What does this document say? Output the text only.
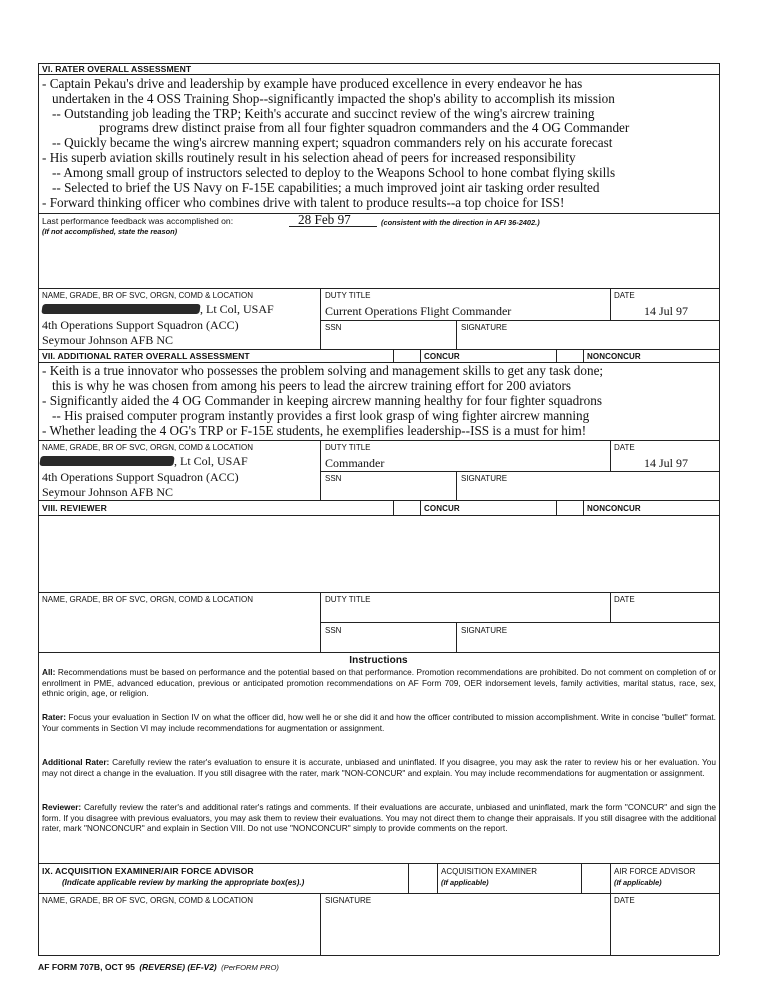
VI. RATER OVERALL ASSESSMENT
- Captain Pekau's drive and leadership by example have produced excellence in every endeavor he has
undertaken in the 4 OSS Training Shop--significantly impacted the shop's ability to accomplish its mission
-- Outstanding job leading the TRP; Keith's accurate and succinct review of the wing's aircrew training
programs drew distinct praise from all four fighter squadron commanders and the 4 OG Commander
-- Quickly became the wing's aircrew manning expert; squadron commanders rely on his accurate forecast
- His superb aviation skills routinely result in his selection ahead of peers for increased responsibility
-- Among small group of instructors selected to deploy to the Weapons School to hone combat flying skills
-- Selected to brief the US Navy on F-15E capabilities; a much improved joint air tasking order resulted
- Forward thinking officer who combines drive with talent to produce results--a top choice for ISS!
Last performance feedback was accomplished on:	28 Feb 97	(consistent with the direction in AFI 36-2402.)
(If not accomplished, state the reason)
NAME, GRADE, BR OF SVC, ORGN, COMD & LOCATION
, Lt Col, USAF
4th Operations Support Squadron (ACC)
Seymour Johnson AFB NC
DUTY TITLE
Current Operations Flight Commander
DATE
14 Jul 97
SSN	SIGNATURE
VII. ADDITIONAL RATER OVERALL ASSESSMENT	CONCUR	NONCONCUR
- Keith is a true innovator who possesses the problem solving and management skills to get any task done;
this is why he was chosen from among his peers to lead the aircrew training effort for 200 aviators
- Significantly aided the 4 OG Commander in keeping aircrew manning healthy for four fighter squadrons
-- His praised computer program instantly provides a first look grasp of wing fighter aircrew manning
- Whether leading the 4 OG's TRP or F-15E students, he exemplifies leadership--ISS is a must for him!
NAME, GRADE, BR OF SVC, ORGN, COMD & LOCATION
, Lt Col, USAF
4th Operations Support Squadron (ACC)
Seymour Johnson AFB NC
DUTY TITLE
Commander
DATE
14 Jul 97
SSN	SIGNATURE
VIII. REVIEWER	CONCUR	NONCONCUR
NAME, GRADE, BR OF SVC, ORGN, COMD & LOCATION	DUTY TITLE	DATE
SSN	SIGNATURE
Instructions
All: Recommendations must be based on performance and the potential based on that performance. Promotion recommendations are prohibited. Do not comment on completion of or enrollment in PME, advanced education, previous or anticipated promotion recommendations on AF Form 709, OER indorsement levels, family activities, marital status, race, sex, ethnic origin, age, or religion.
Rater: Focus your evaluation in Section IV on what the officer did, how well he or she did it and how the officer contributed to mission accomplishment. Write in concise "bullet" format. Your comments in Section VI may include recommendations for augmentation or assignment.
Additional Rater: Carefully review the rater's evaluation to ensure it is accurate, unbiased and uninflated. If you disagree, you may ask the rater to review his or her evaluation. You may not direct a change in the evaluation. If you still disagree with the rater, mark "NON-CONCUR" and explain. You may include recommendations for augmentation or assignment.
Reviewer: Carefully review the rater's and additional rater's ratings and comments. If their evaluations are accurate, unbiased and uninflated, mark the form "CONCUR" and sign the form. If you disagree with previous evaluators, you may ask them to review their evaluations. You may not direct them to change their appraisals. If you still disagree with the additional rater, mark "NONCONCUR" and explain in Section VIII. Do not use "NONCONCUR" simply to provide comments on the report.
IX. ACQUISITION EXAMINER/AIR FORCE ADVISOR
(Indicate applicable review by marking the appropriate box(es).)
ACQUISITION EXAMINER
(If applicable)
AIR FORCE ADVISOR
(If applicable)
NAME, GRADE, BR OF SVC, ORGN, COMD & LOCATION	SIGNATURE	DATE
AF FORM 707B, OCT 95 (REVERSE) (EF-V2) (PerFORM PRO)
